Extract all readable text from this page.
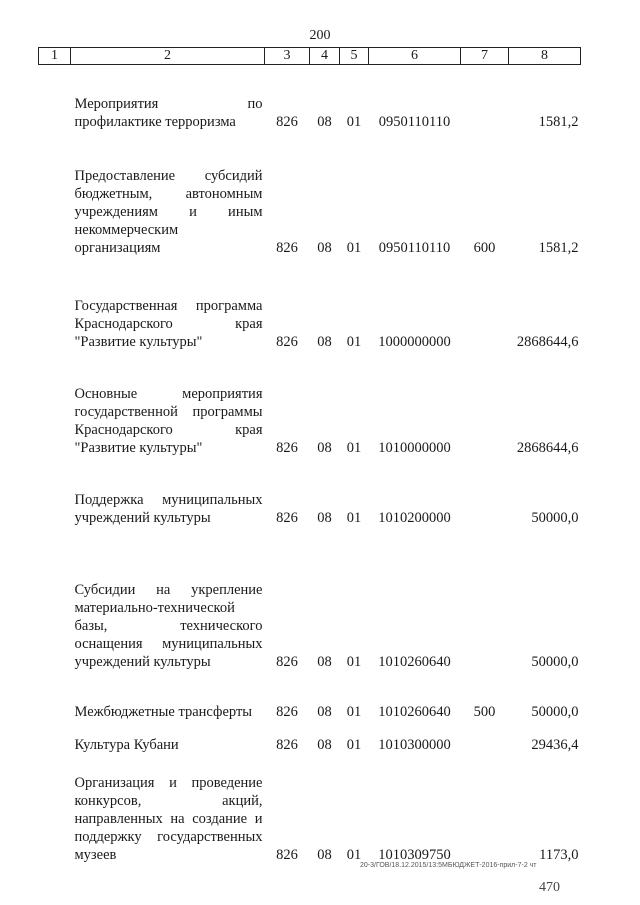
200
1	2	3	4	5	6	7	8
	Мероприятия по профилактике терроризма	826	08	01	0950110110		1581,2
	Предоставление субсидий бюджетным, автономным учреждениям и иным некоммерческим организациям	826	08	01	0950110110	600	1581,2
	Государственная программа Краснодарского края "Развитие культуры"	826	08	01	1000000000		2868644,6
	Основные мероприятия государственной программы Краснодарского края "Развитие культуры"	826	08	01	1010000000		2868644,6
	Поддержка муниципальных учреждений культуры	826	08	01	1010200000		50000,0
	Субсидии на укрепление материально-технической базы, технического оснащения муниципальных учреждений культуры	826	08	01	1010260640		50000,0
	Межбюджетные трансферты	826	08	01	1010260640	500	50000,0
	Культура Кубани	826	08	01	1010300000		29436,4
	Организация и проведение конкурсов, акций, направленных на создание и поддержку государственных музеев	826	08	01	1010309750		1173,0
20-3/ГОВ/18.12.2015/13:5МБЮДЖЕТ-2016-прил-7-2 чт
470
